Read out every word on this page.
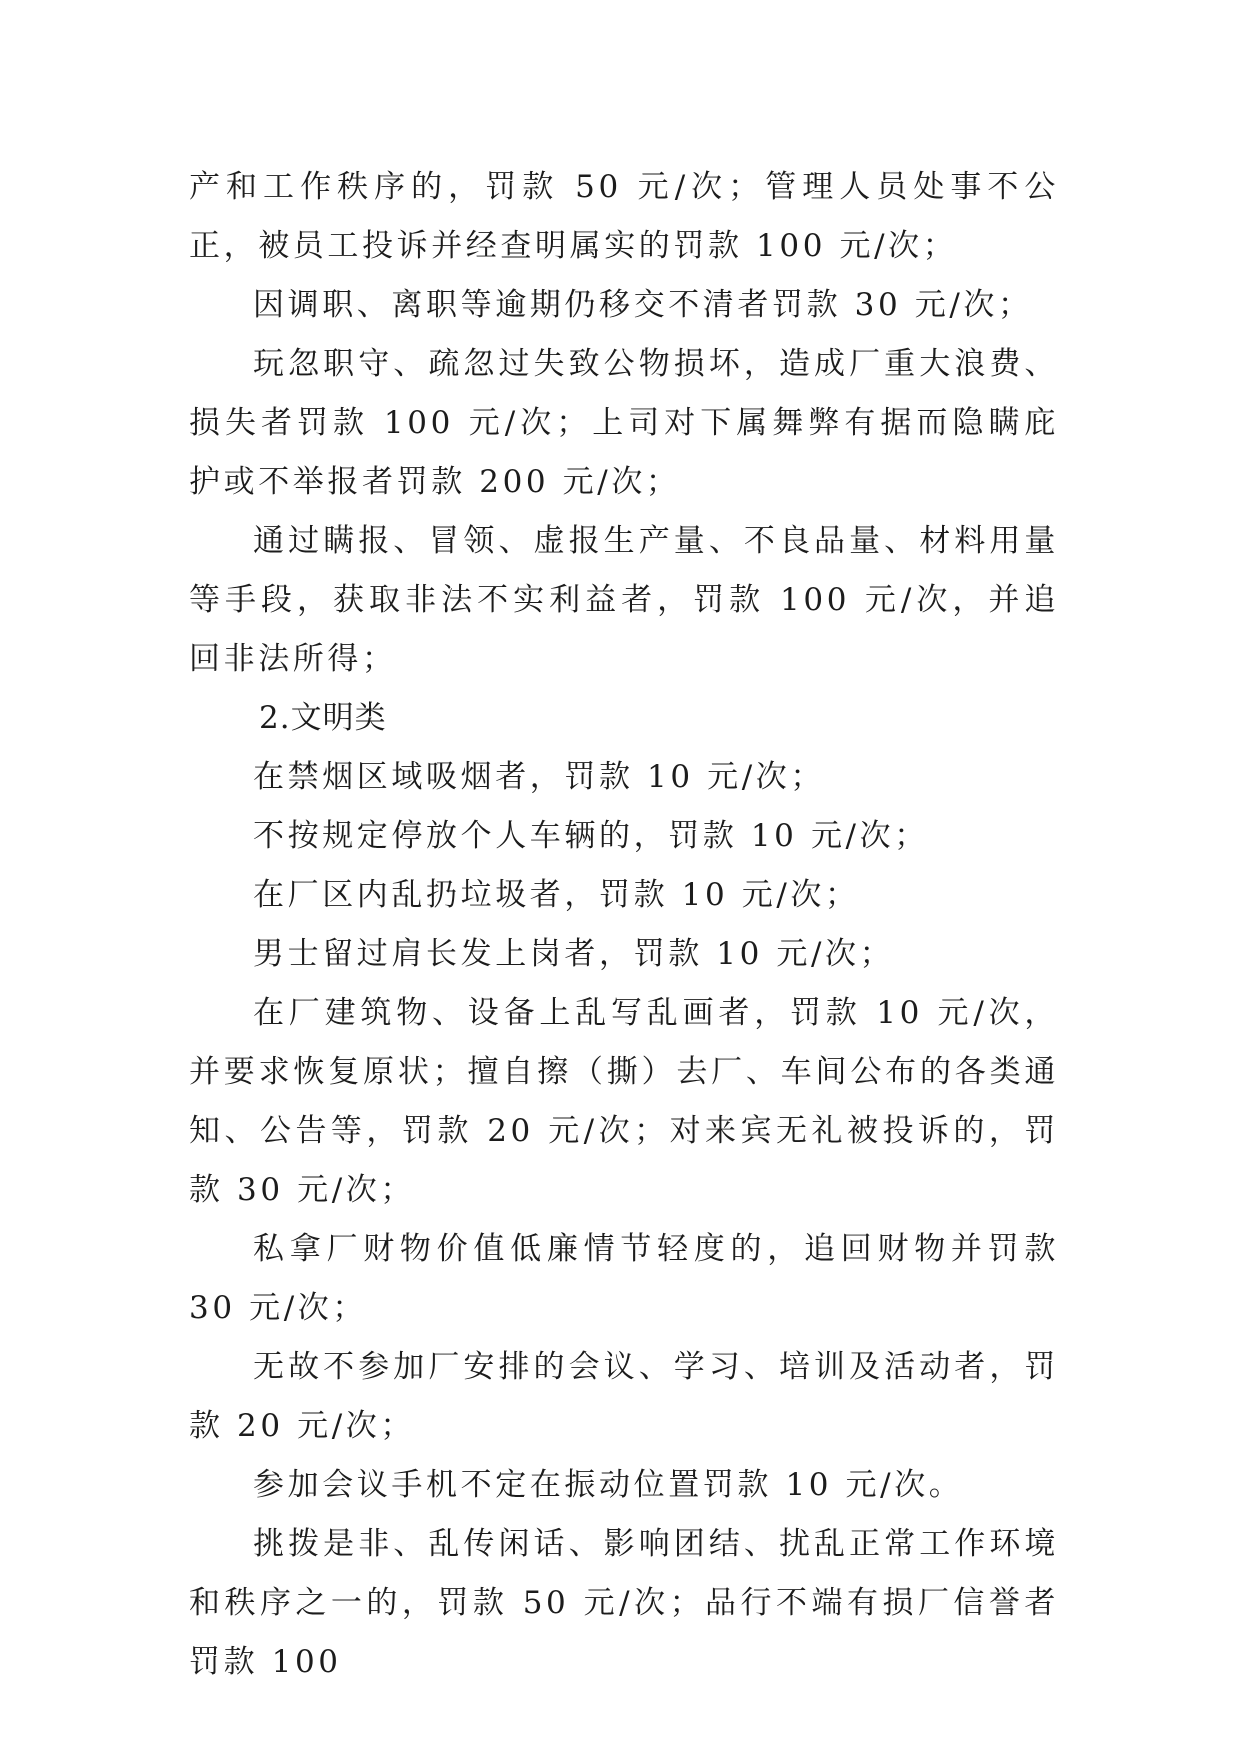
产和工作秩序的，罚款 50 元/次；管理人员处事不公正，被员工投诉并经查明属实的罚款 100 元/次；

因调职、离职等逾期仍移交不清者罚款 30 元/次；

玩忽职守、疏忽过失致公物损坏，造成厂重大浪费、损失者罚款 100 元/次；上司对下属舞弊有据而隐瞒庇护或不举报者罚款 200 元/次；

通过瞒报、冒领、虚报生产量、不良品量、材料用量等手段，获取非法不实利益者，罚款 100 元/次，并追回非法所得；

2.文明类

在禁烟区域吸烟者，罚款 10 元/次；

不按规定停放个人车辆的，罚款 10 元/次；

在厂区内乱扔垃圾者，罚款 10 元/次；

男士留过肩长发上岗者，罚款 10 元/次；

在厂建筑物、设备上乱写乱画者，罚款 10 元/次，并要求恢复原状；擅自擦（撕）去厂、车间公布的各类通知、公告等，罚款 20 元/次；对来宾无礼被投诉的，罚款 30 元/次；

私拿厂财物价值低廉情节轻度的，追回财物并罚款 30 元/次；

无故不参加厂安排的会议、学习、培训及活动者，罚款 20 元/次；

参加会议手机不定在振动位置罚款 10 元/次。

挑拨是非、乱传闲话、影响团结、扰乱正常工作环境和秩序之一的，罚款 50 元/次；品行不端有损厂信誉者罚款 100
